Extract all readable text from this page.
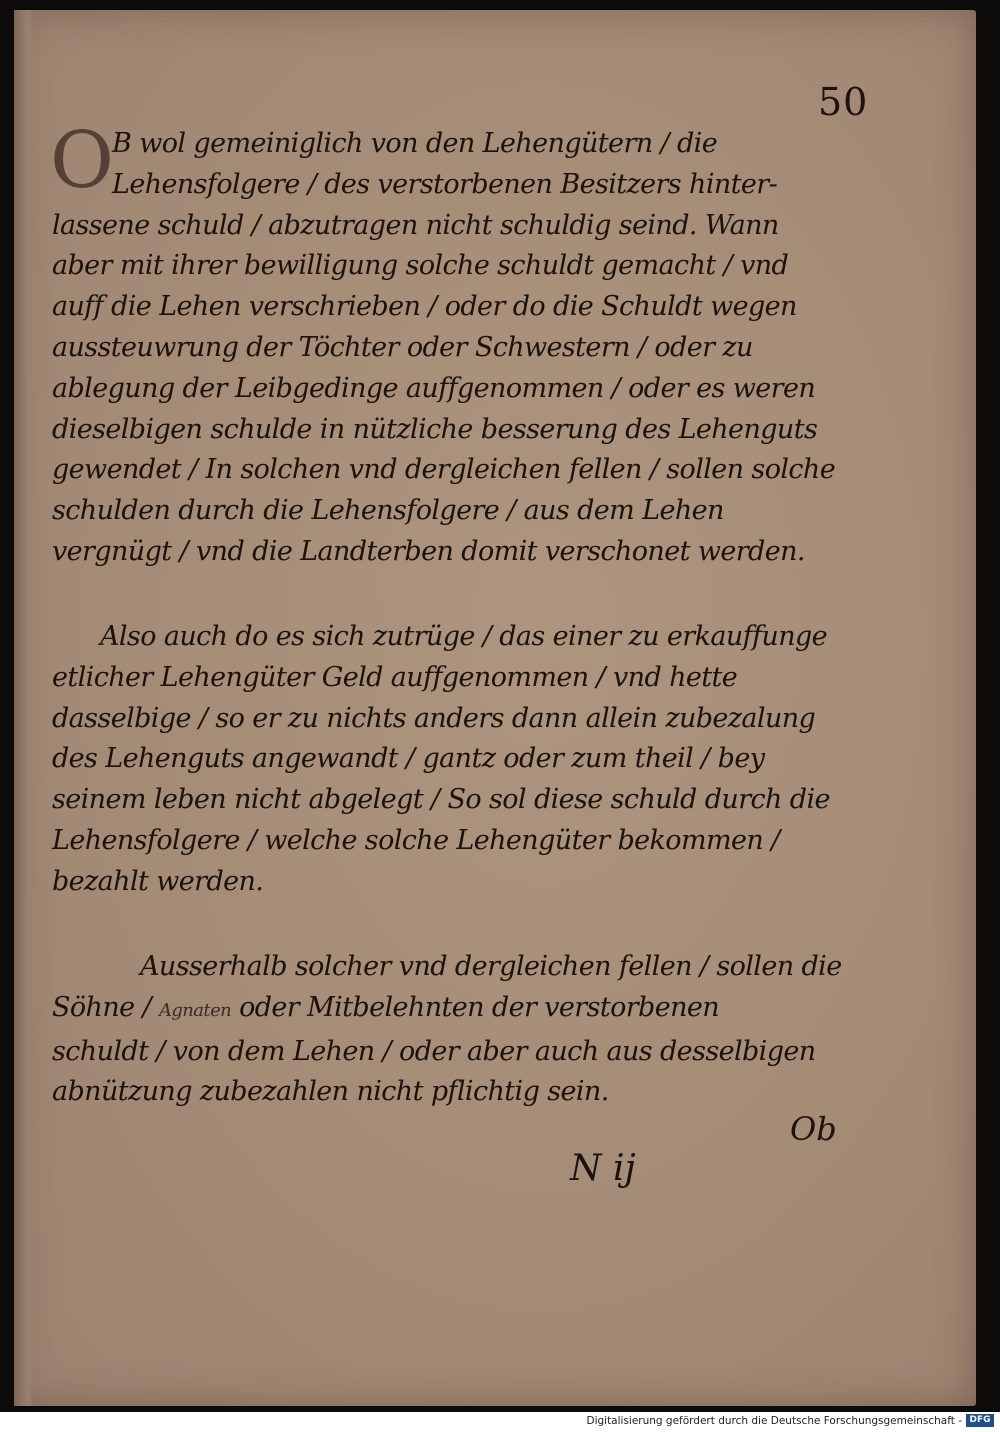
50
O
B wol gemeiniglich von den Lehengütern / die
Lehensfolgere / des verstorbenen Besitzers hinter‑
lassene schuld / abzutragen nicht schuldig seind. Wann
aber mit ihrer bewilligung solche schuldt gemacht / vnd
auff die Lehen verschrieben / oder do die Schuldt wegen
aussteuwrung der Töchter oder Schwestern / oder zu
ablegung der Leibgedinge auffgenommen / oder es weren
dieselbigen schulde in nützliche besserung des Lehenguts
gewendet / In solchen vnd dergleichen fellen / sollen solche
schulden durch die Lehensfolgere / aus dem Lehen
vergnügt / vnd die Landterben domit verschonet werden.
Also auch do es sich zutrüge / das einer zu erkauffunge
etlicher Lehengüter Geld auffgenommen / vnd hette
dasselbige / so er zu nichts anders dann allein zubezalung
des Lehenguts angewandt / gantz oder zum theil / bey
seinem leben nicht abgelegt / So sol diese schuld durch die
Lehensfolgere / welche solche Lehengüter bekommen /
bezahlt werden.
Ausserhalb solcher vnd dergleichen fellen / sollen die
Söhne / Agnaten oder Mitbelehnten der verstorbenen
schuldt / von dem Lehen / oder aber auch aus desselbigen
abnützung zubezahlen nicht pflichtig sein.
Ob
N ij
Digitalisierung gefördert durch die Deutsche Forschungsgemeinschaft - DFG
